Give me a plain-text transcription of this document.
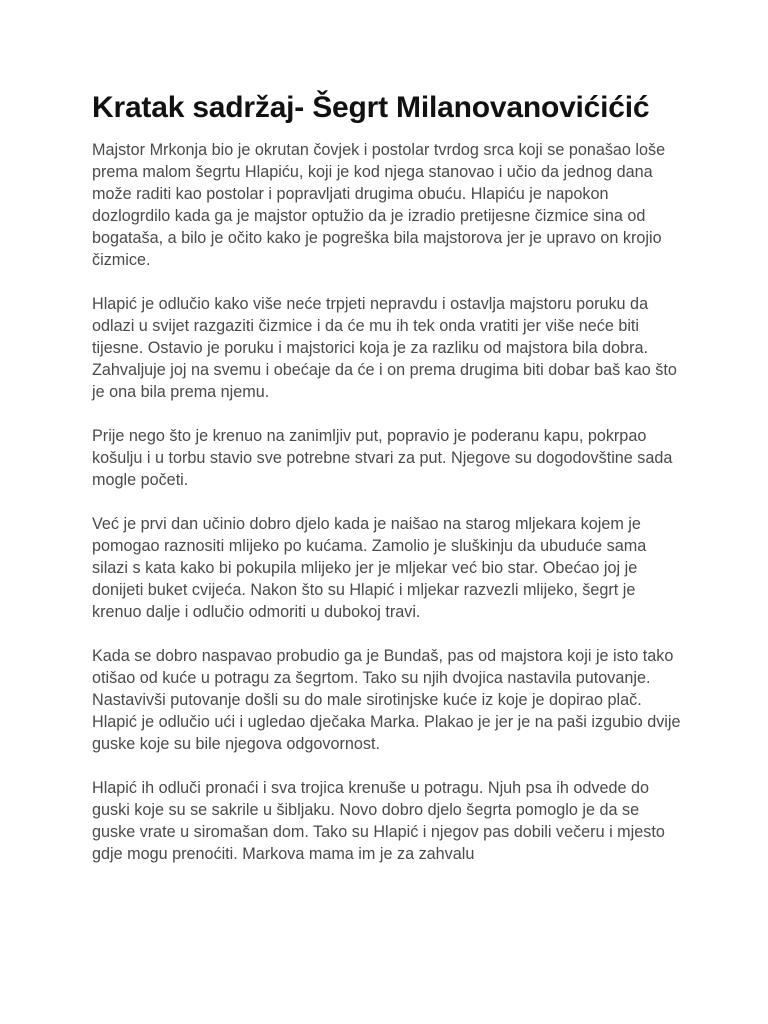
Kratak sadržaj- Šegrt Milanovanovićićić

Majstor Mrkonja bio je okrutan čovjek i postolar tvrdog srca koji se ponašao loše prema malom šegrtu Hlapiću, koji je kod njega stanovao i učio da jednog dana može raditi kao postolar i popravljati drugima obuću. Hlapiću je napokon dozlogrdilo kada ga je majstor optužio da je izradio pretijesne čizmice sina od bogataša, a bilo je očito kako je pogreška bila majstorova jer je upravo on krojio čizmice.

Hlapić je odlučio kako više neće trpjeti nepravdu i ostavlja majstoru poruku da odlazi u svijet razgaziti čizmice i da će mu ih tek onda vratiti jer više neće biti tijesne. Ostavio je poruku i majstorici koja je za razliku od majstora bila dobra. Zahvaljuje joj na svemu i obećaje da će i on prema drugima biti dobar baš kao što je ona bila prema njemu.

Prije nego što je krenuo na zanimljiv put, popravio je poderanu kapu, pokrpao košulju i u torbu stavio sve potrebne stvari za put. Njegove su dogodovštine sada mogle početi.

Već je prvi dan učinio dobro djelo kada je naišao na starog mljekara kojem je pomogao raznositi mlijeko po kućama. Zamolio je sluškinju da ubuduće sama silazi s kata kako bi pokupila mlijeko jer je mljekar već bio star. Obećao joj je donijeti buket cvijeća. Nakon što su Hlapić i mljekar razvezli mlijeko, šegrt je krenuo dalje i odlučio odmoriti u dubokoj travi.

Kada se dobro naspavao probudio ga je Bundaš, pas od majstora koji je isto tako otišao od kuće u potragu za šegrtom. Tako su njih dvojica nastavila putovanje. Nastavivši putovanje došli su do male sirotinjske kuće iz koje je dopirao plač. Hlapić je odlučio ući i ugledao dječaka Marka. Plakao je jer je na paši izgubio dvije guske koje su bile njegova odgovornost.

Hlapić ih odluči pronaći i sva trojica krenuše u potragu. Njuh psa ih odvede do guski koje su se sakrile u šibljaku. Novo dobro djelo šegrta pomoglo je da se guske vrate u siromašan dom. Tako su Hlapić i njegov pas dobili večeru i mjesto gdje mogu prenoćiti. Markova mama im je za zahvalu
